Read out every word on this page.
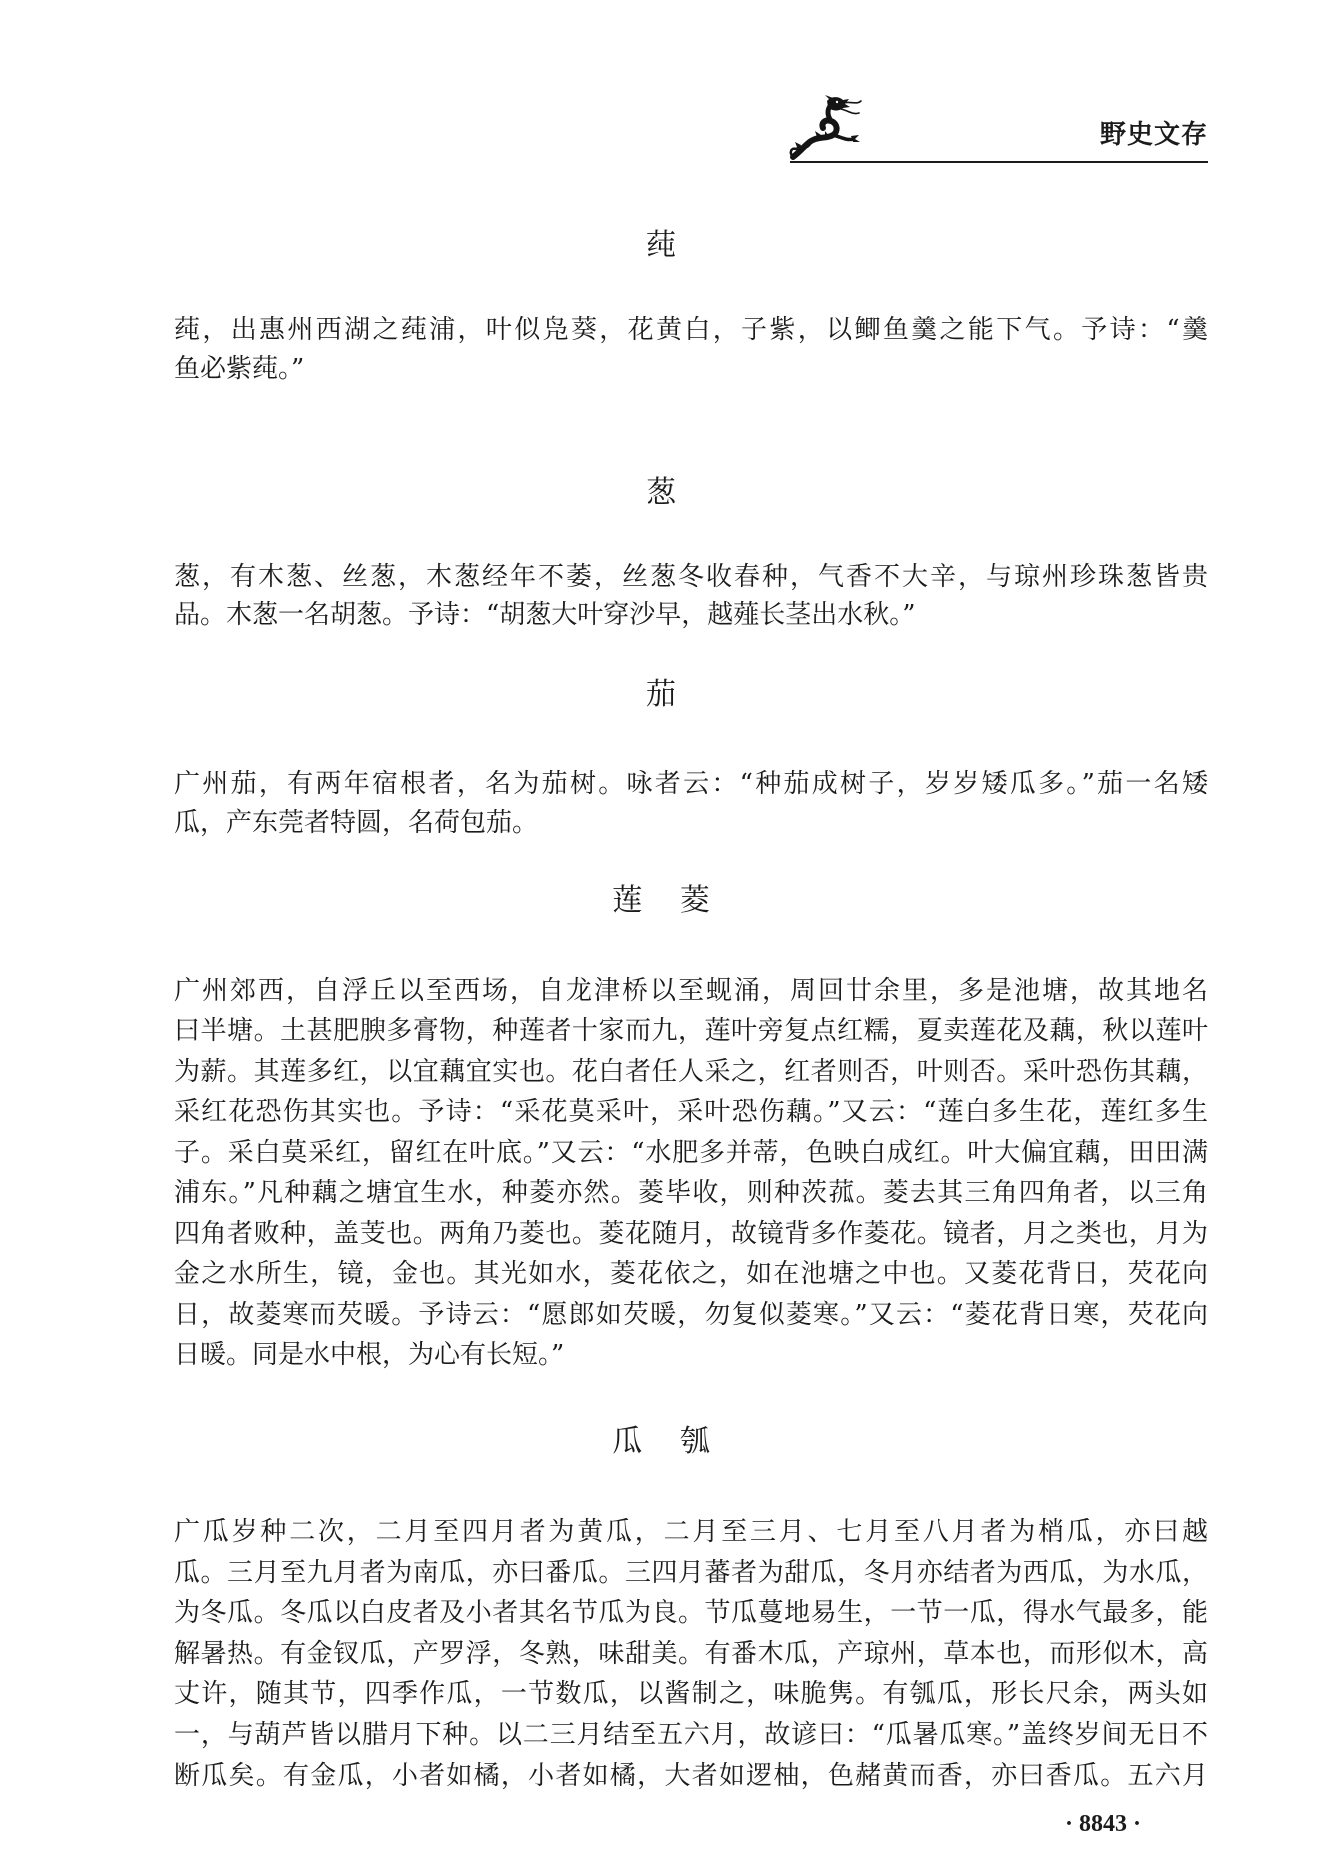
野史文存
莼
莼，出惠州西湖之莼浦，叶似凫葵，花黄白，子紫，以鲫鱼羹之能下气。予诗：“羹
鱼必紫莼。”
葱
葱，有木葱、丝葱，木葱经年不萎，丝葱冬收春种，气香不大辛，与琼州珍珠葱皆贵
品。木葱一名胡葱。予诗：“胡葱大叶穿沙早，越薤长茎出水秋。”
茄
广州茄，有两年宿根者，名为茄树。咏者云：“种茄成树子，岁岁矮瓜多。”茄一名矮
瓜，产东莞者特圆，名荷包茄。
莲 菱
广州郊西，自浮丘以至西场，自龙津桥以至蚬涌，周回廿余里，多是池塘，故其地名
曰半塘。土甚肥腴多膏物，种莲者十家而九，莲叶旁复点红糯，夏卖莲花及藕，秋以莲叶
为薪。其莲多红，以宜藕宜实也。花白者任人采之，红者则否，叶则否。采叶恐伤其藕，
采红花恐伤其实也。予诗：“采花莫采叶，采叶恐伤藕。”又云：“莲白多生花，莲红多生
子。采白莫采红，留红在叶底。”又云：“水肥多并蒂，色映白成红。叶大偏宜藕，田田满
浦东。”凡种藕之塘宜生水，种菱亦然。菱毕收，则种茨菰。菱去其三角四角者，以三角
四角者败种，盖芰也。两角乃菱也。菱花随月，故镜背多作菱花。镜者，月之类也，月为
金之水所生，镜，金也。其光如水，菱花依之，如在池塘之中也。又菱花背日，芡花向
日，故菱寒而芡暖。予诗云：“愿郎如芡暖，勿复似菱寒。”又云：“菱花背日寒，芡花向
日暖。同是水中根，为心有长短。”
瓜 瓠
广瓜岁种二次，二月至四月者为黄瓜，二月至三月、七月至八月者为梢瓜，亦曰越
瓜。三月至九月者为南瓜，亦曰番瓜。三四月蕃者为甜瓜，冬月亦结者为西瓜，为水瓜，
为冬瓜。冬瓜以白皮者及小者其名节瓜为良。节瓜蔓地易生，一节一瓜，得水气最多，能
解暑热。有金钗瓜，产罗浮，冬熟，味甜美。有番木瓜，产琼州，草本也，而形似木，高
丈许，随其节，四季作瓜，一节数瓜，以酱制之，味脆隽。有瓠瓜，形长尺余，两头如
一，与葫芦皆以腊月下种。以二三月结至五六月，故谚曰：“瓜暑瓜寒。”盖终岁间无日不
断瓜矣。有金瓜，小者如橘，小者如橘，大者如逻柚，色赭黄而香，亦曰香瓜。五六月
· 8843 ·
